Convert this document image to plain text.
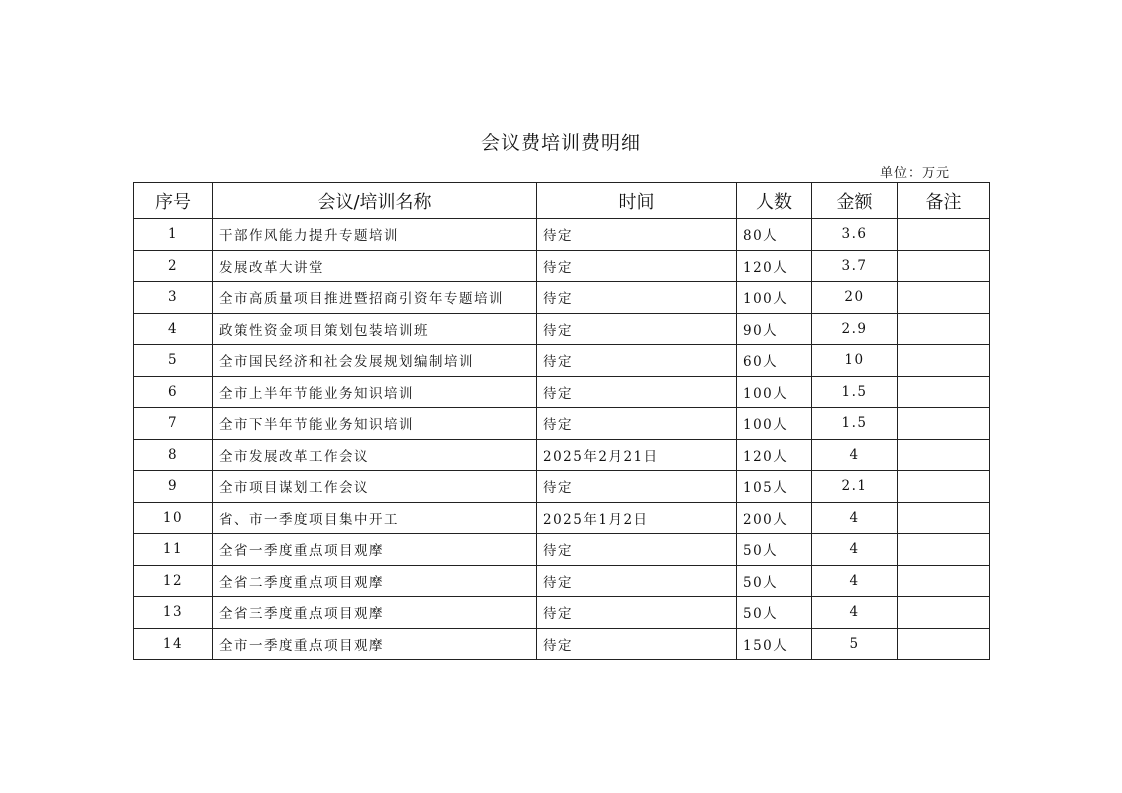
会议费培训费明细
单位：万元
序号	会议/培训名称	时间	人数	金额	备注
1	干部作风能力提升专题培训	待定	80人	3.6	
2	发展改革大讲堂	待定	120人	3.7	
3	全市高质量项目推进暨招商引资年专题培训	待定	100人	20	
4	政策性资金项目策划包装培训班	待定	90人	2.9	
5	全市国民经济和社会发展规划编制培训	待定	60人	10	
6	全市上半年节能业务知识培训	待定	100人	1.5	
7	全市下半年节能业务知识培训	待定	100人	1.5	
8	全市发展改革工作会议	2025年2月21日	120人	4	
9	全市项目谋划工作会议	待定	105人	2.1	
10	省、市一季度项目集中开工	2025年1月2日	200人	4	
11	全省一季度重点项目观摩	待定	50人	4	
12	全省二季度重点项目观摩	待定	50人	4	
13	全省三季度重点项目观摩	待定	50人	4	
14	全市一季度重点项目观摩	待定	150人	5	
